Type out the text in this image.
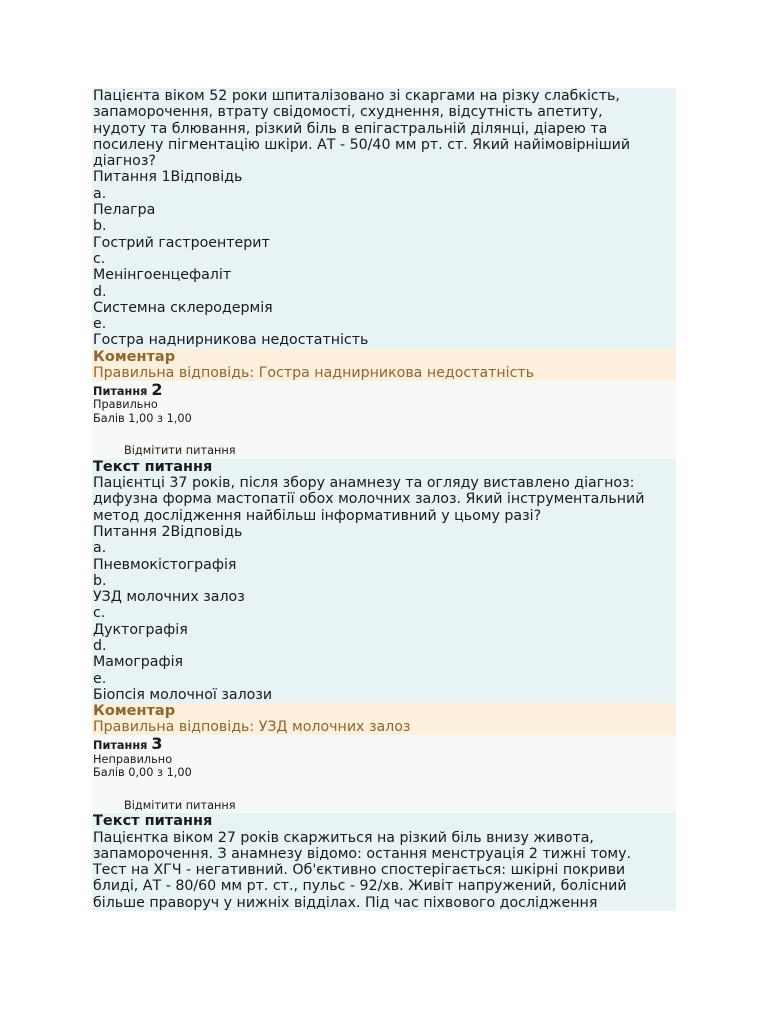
Пацієнта віком 52 роки шпиталізовано зі скаргами на різку слабкість,
запаморочення, втрату свідомості, схуднення, відсутність апетиту,
нудоту та блювання, різкий біль в епігастральній ділянці, діарею та
посилену пігментацію шкіри. АТ - 50/40 мм рт. ст. Який найімовірніший
діагноз?
Питання 1Відповідь
a.
Пелагра
b.
Гострий гастроентерит
c.
Менінгоенцефаліт
d.
Системна склеродермія
e.
Гостра наднирникова недостатність
Коментар
Правильна відповідь: Гостра наднирникова недостатність
Питання 2
Правильно
Балів 1,00 з 1,00
Відмітити питання
Текст питання
Пацієнтці 37 років, після збору анамнезу та огляду виставлено діагноз:
дифузна форма мастопатії обох молочних залоз. Який інструментальний
метод дослідження найбільш інформативний у цьому разі?
Питання 2Відповідь
a.
Пневмокістографія
b.
УЗД молочних залоз
c.
Дуктографія
d.
Мамографія
e.
Біопсія молочної залози
Коментар
Правильна відповідь: УЗД молочних залоз
Питання 3
Неправильно
Балів 0,00 з 1,00
Відмітити питання
Текст питання
Пацієнтка віком 27 років скаржиться на різкий біль внизу живота,
запаморочення. З анамнезу відомо: остання менструація 2 тижні тому.
Тест на ХГЧ - негативний. Об'єктивно спостерігається: шкірні покриви
блиді, АТ - 80/60 мм рт. ст., пульс - 92/хв. Живіт напружений, болісний
більше праворуч у нижніх відділах. Під час піхвового дослідження
